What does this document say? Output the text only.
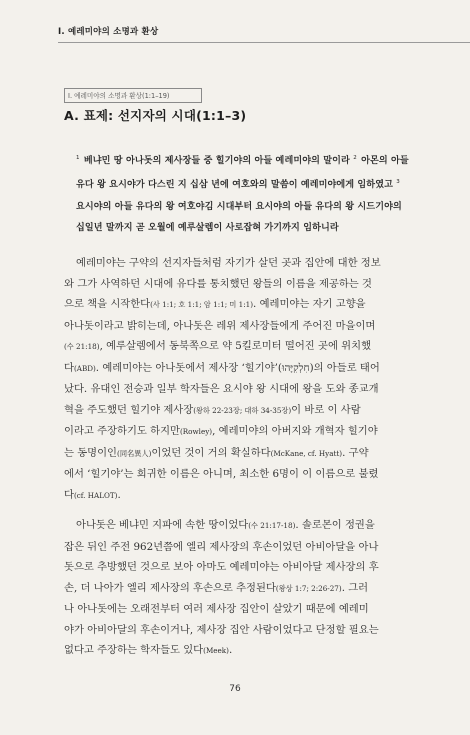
I. 예레미야의 소명과 환상
I. 예레미야의 소명과 환상(1:1–19)
A. 표제: 선지자의 시대(1:1–3)
$^1$ 베냐민 땅 아나돗의 제사장들 중 힐기야의 아들 예레미야의 말이라 $^2$ 아몬의 아들
유다 왕 요시야가 다스린 지 십삼 년에 여호와의 말씀이 예레미야에게 임하였고 $^3$
요시야의 아들 유다의 왕 여호야김 시대부터 요시야의 아들 유다의 왕 시드기야의
십일년 말까지 곧 오월에 예루살렘이 사로잡혀 가기까지 임하니라
예레미야는 구약의 선지자들처럼 자기가 살던 곳과 집안에 대한 정보
와 그가 사역하던 시대에 유다를 통치했던 왕들의 이름을 제공하는 것
으로 책을 시작한다(사 1:1; 호 1:1; 암 1:1; 미 1:1). 예레미야는 자기 고향을
아나돗이라고 밝히는데, 아나돗은 레위 제사장들에게 주어진 마을이며
(수 21:18), 예루살렘에서 동북쪽으로 약 5킬로미터 떨어진 곳에 위치했
다(ABD). 예레미야는 아나돗에서 제사장 ‘힐기야’(חִלְקִיָּהוּ)의 아들로 태어
났다. 유대인 전승과 일부 학자들은 요시야 왕 시대에 왕을 도와 종교개
혁을 주도했던 힐기야 제사장(왕하 22-23장; 대하 34-35장)이 바로 이 사람
이라고 주장하기도 하지만(Rowley), 예레미야의 아버지와 개혁자 힐기야
는 동명이인(同名異人)이었던 것이 거의 확실하다(McKane, cf. Hyatt). 구약
에서 ‘힐기야’는 희귀한 이름은 아니며, 최소한 6명이 이 이름으로 불렸
다(cf. HALOT).
아나돗은 베냐민 지파에 속한 땅이었다(수 21:17-18). 솔로몬이 정권을
잡은 뒤인 주전 962년쯤에 엘리 제사장의 후손이었던 아비아달을 아나
돗으로 추방했던 것으로 보아 아마도 예레미야는 아비아달 제사장의 후
손, 더 나아가 엘리 제사장의 후손으로 추정된다(왕상 1:7; 2:26-27). 그러
나 아나돗에는 오래전부터 여러 제사장 집안이 살았기 때문에 예레미
야가 아비아달의 후손이거나, 제사장 집안 사람이었다고 단정할 필요는
없다고 주장하는 학자들도 있다(Meek).
76
